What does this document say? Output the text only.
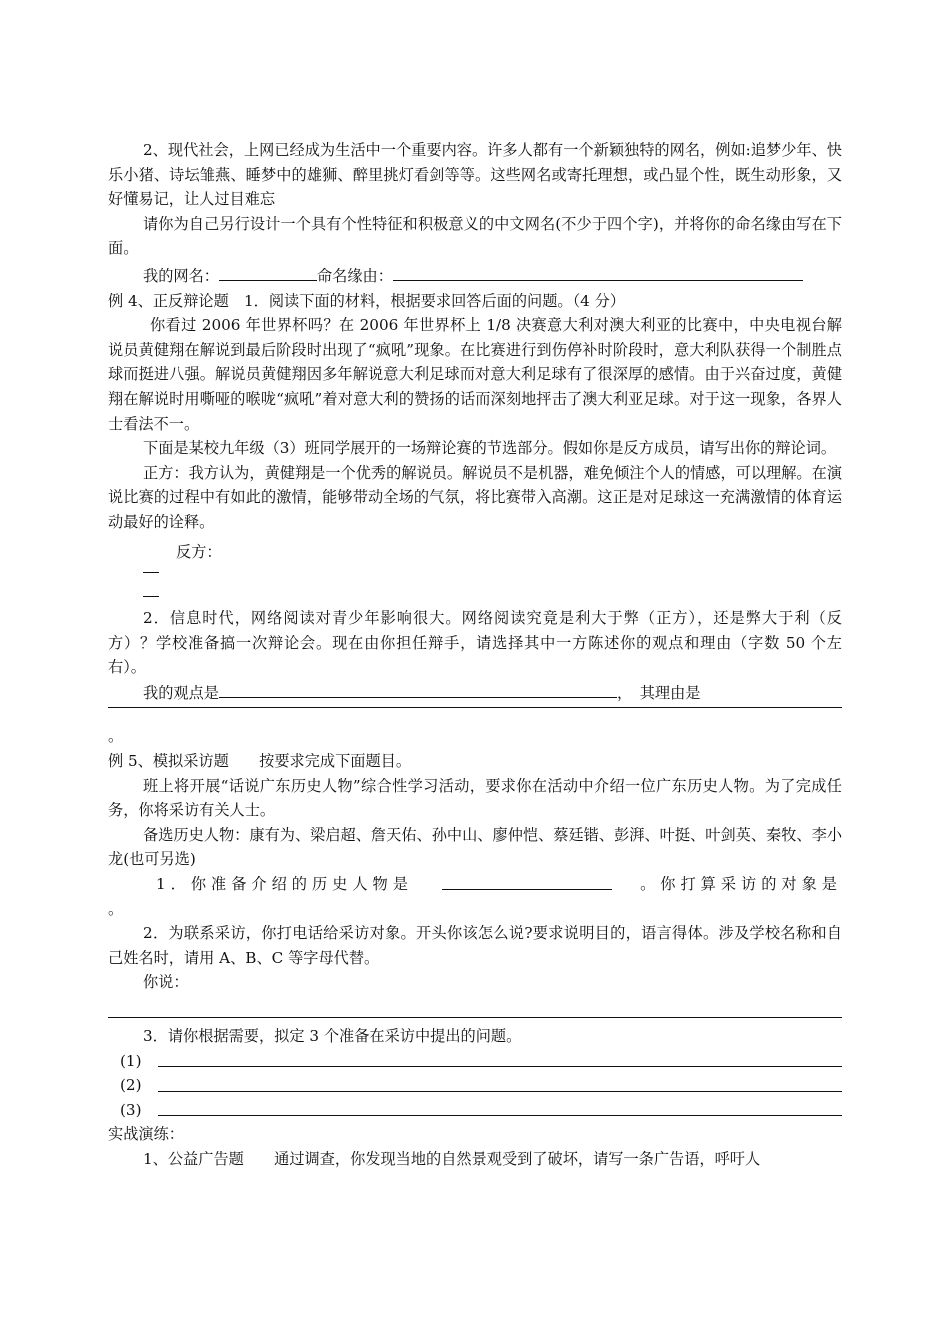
2、现代社会，上网已经成为生活中一个重要内容。许多人都有一个新颖独特的网名，例如:追梦少年、快乐小猪、诗坛雏燕、睡梦中的雄狮、醉里挑灯看剑等等。这些网名或寄托理想，或凸显个性，既生动形象，又好懂易记，让人过目难忘

请你为自己另行设计一个具有个性特征和积极意义的中文网名(不少于四个字)，并将你的命名缘由写在下面。

我的网名：	命名缘由：

例 4、正反辩论题　1．阅读下面的材料，根据要求回答后面的问题。（4 分）

你看过 2006 年世界杯吗？在 2006 年世界杯上 1/8 决赛意大利对澳大利亚的比赛中，中央电视台解说员黄健翔在解说到最后阶段时出现了“疯吼”现象。在比赛进行到伤停补时阶段时，意大利队获得一个制胜点球而挺进八强。解说员黄健翔因多年解说意大利足球而对意大利足球有了很深厚的感情。由于兴奋过度，黄健翔在解说时用嘶哑的喉咙“疯吼”着对意大利的赞扬的话而深刻地抨击了澳大利亚足球。对于这一现象，各界人士看法不一。

下面是某校九年级（3）班同学展开的一场辩论赛的节选部分。假如你是反方成员，请写出你的辩论词。

正方：我方认为，黄健翔是一个优秀的解说员。解说员不是机器，难免倾注个人的情感，可以理解。在演说比赛的过程中有如此的激情，能够带动全场的气氛，将比赛带入高潮。这正是对足球这一充满激情的体育运动最好的诠释。

反方：

2．信息时代，网络阅读对青少年影响很大。网络阅读究竟是利大于弊（正方），还是弊大于利（反方）？学校准备搞一次辩论会。现在由你担任辩手，请选择其中一方陈述你的观点和理由（字数 50 个左右）。

我的观点是	，　其理由是

。

例 5、模拟采访题　　按要求完成下面题目。

班上将开展“话说广东历史人物”综合性学习活动，要求你在活动中介绍一位广东历史人物。为了完成任务，你将采访有关人士。

备选历史人物：康有为、梁启超、詹天佑、孙中山、廖仲恺、蔡廷锴、彭湃、叶挺、叶剑英、秦牧、李小龙(也可另选)

1．你准备介绍的历史人物是	。你打算采访的对象是

。

2．为联系采访，你打电话给采访对象。开头你该怎么说?要求说明目的，语言得体。涉及学校名称和自己姓名时，请用 A、B、C 等字母代替。

你说：

3．请你根据需要，拟定 3 个准备在采访中提出的问题。

(1)
(2)
(3)

实战演练：

1、公益广告题　　通过调查，你发现当地的自然景观受到了破坏，请写一条广告语，呼吁人
